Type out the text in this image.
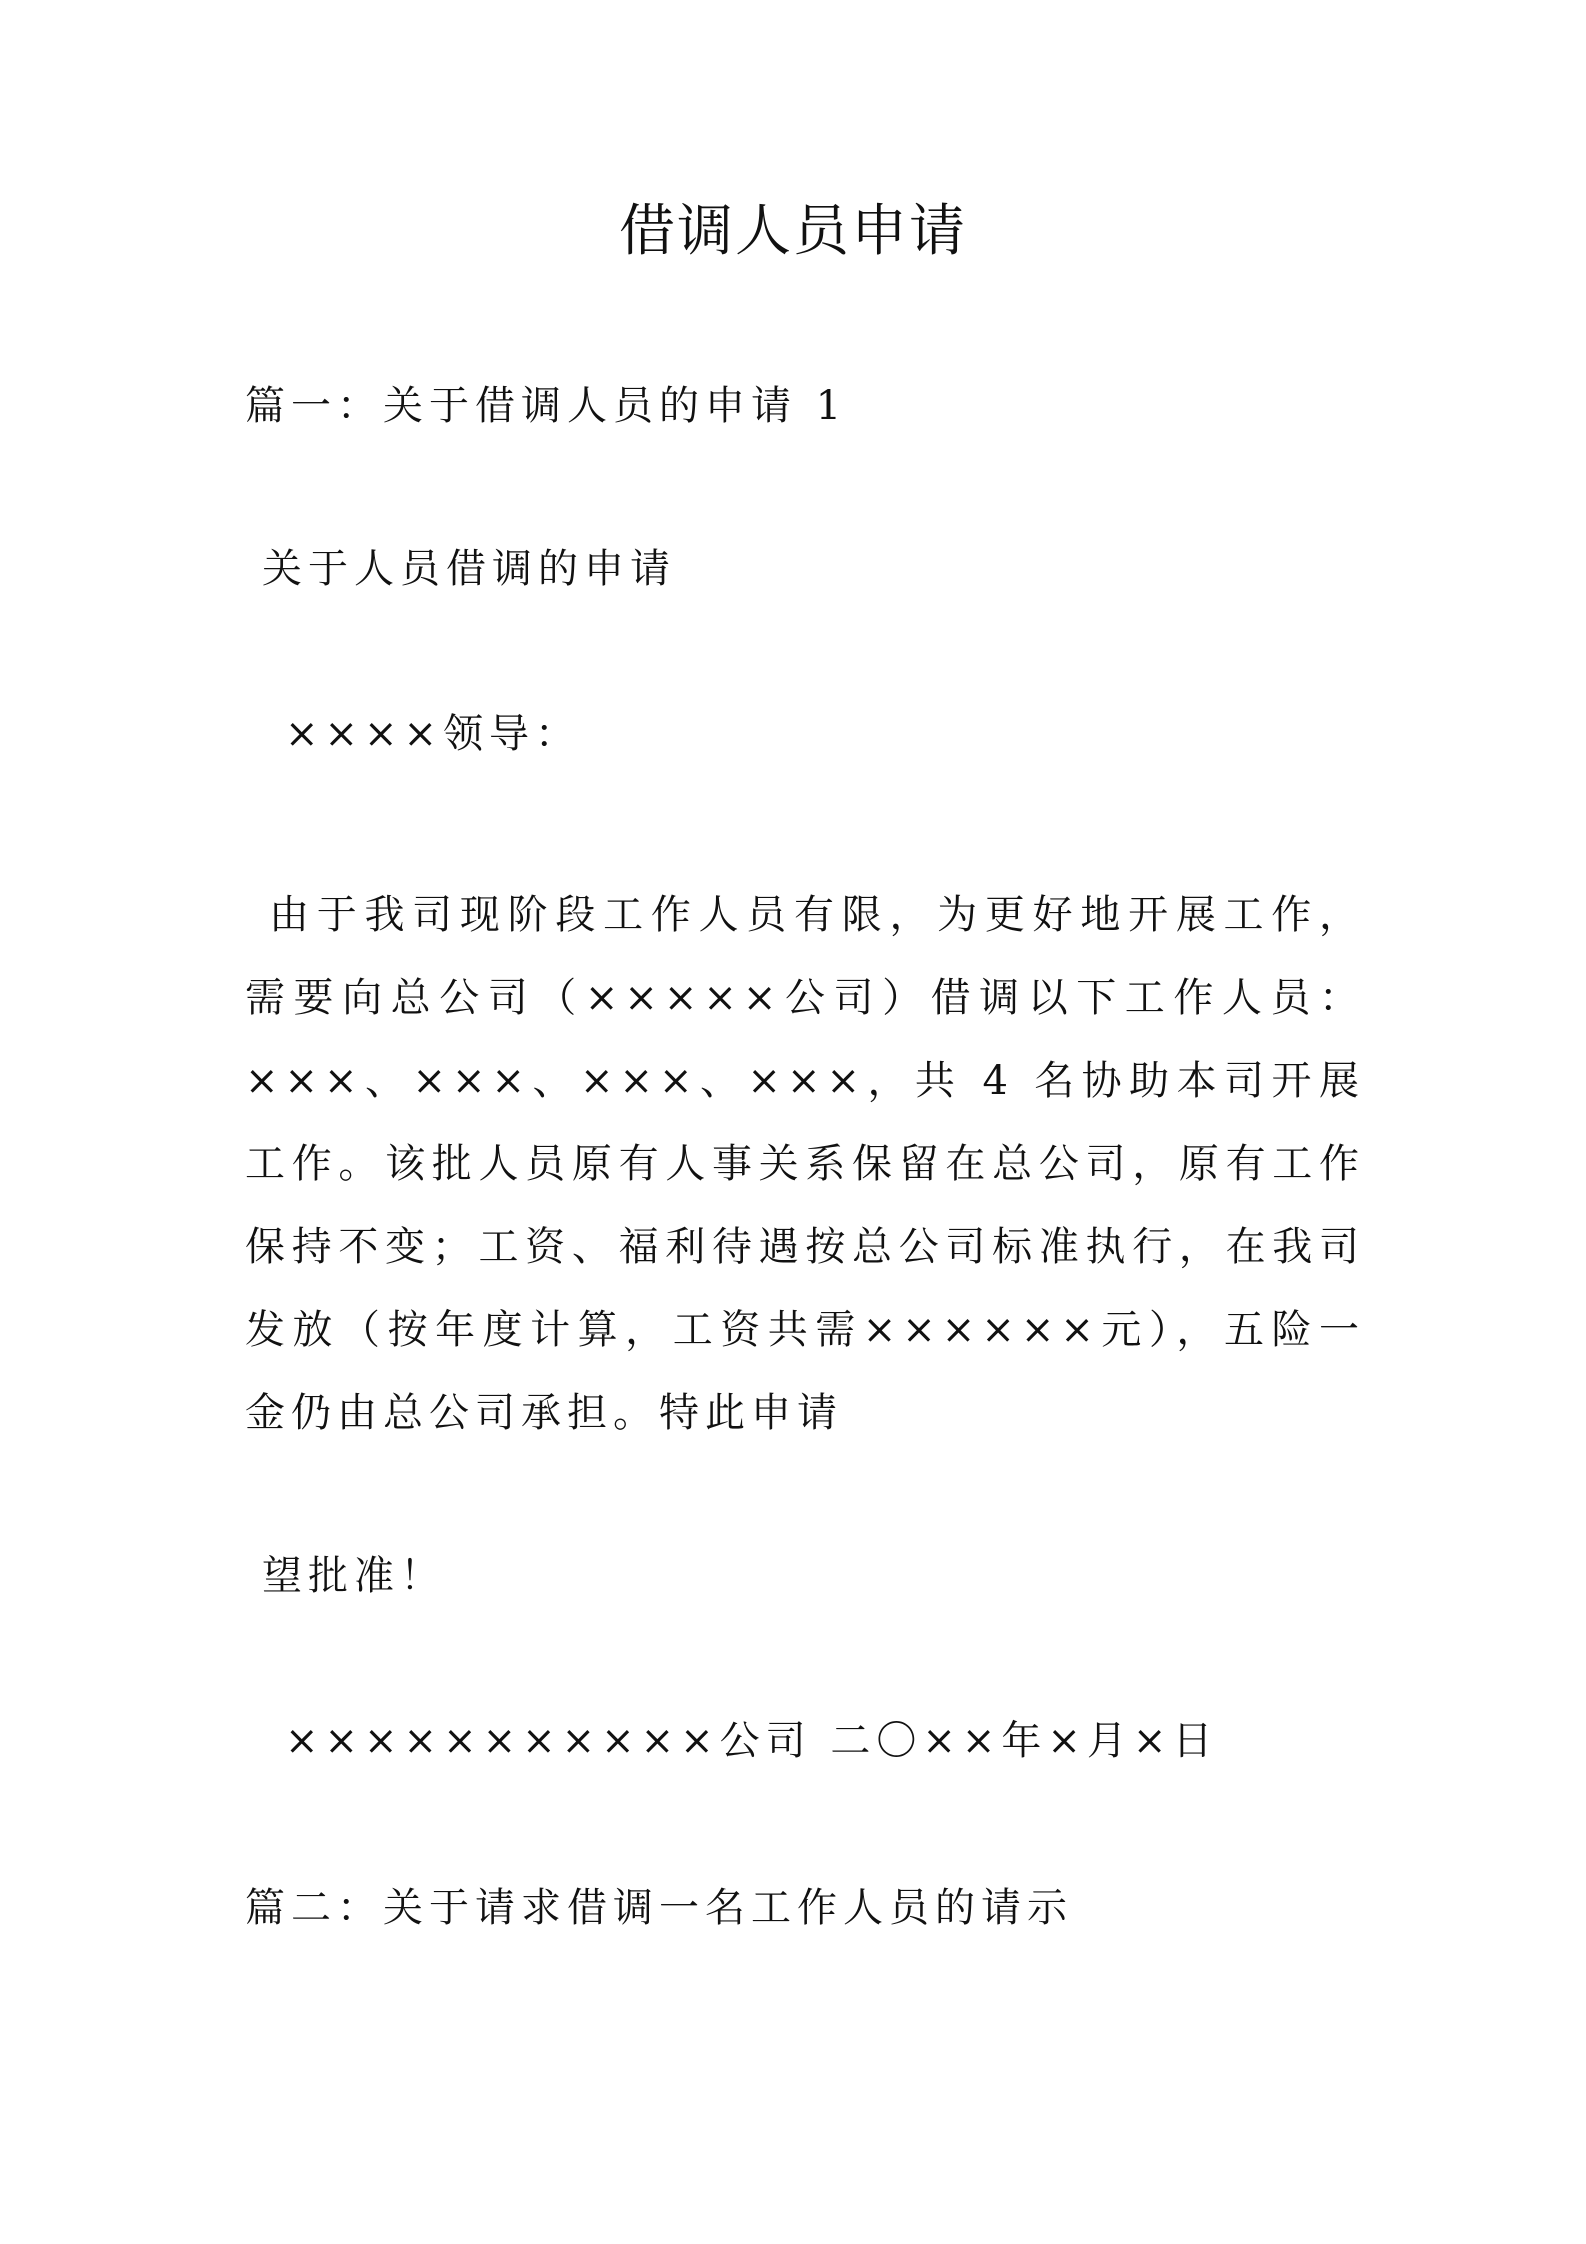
借调人员申请
篇一：关于借调人员的申请 1
关于人员借调的申请
××××领导：

由于我司现阶段工作人员有限，为更好地开展工作，需要向总公司（×××××公司）借调以下工作人员：×××、×××、×××、×××，共 4 名协助本司开展工作。该批人员原有人事关系保留在总公司，原有工作保持不变；工资、福利待遇按总公司标准执行，在我司发放（按年度计算，工资共需××××××元），五险一金仍由总公司承担。特此申请

望批准！
×××××××××××公司 二〇××年×月×日
篇二：关于请求借调一名工作人员的请示
